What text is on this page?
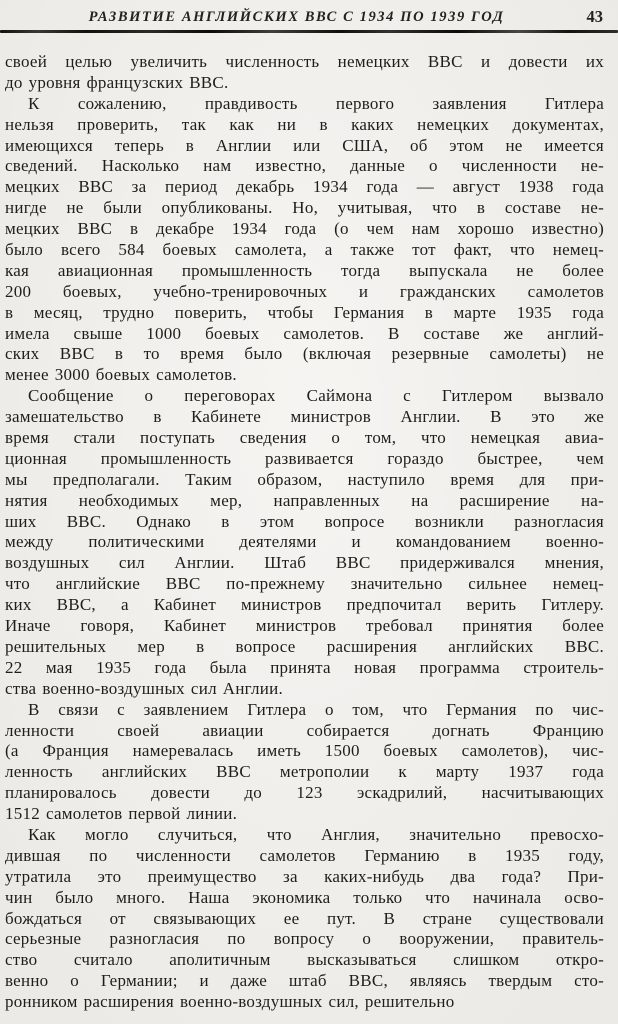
РАЗВИТИЕ АНГЛИЙСКИХ ВВС С 1934 ПО 1939 ГОД	43
своей целью увеличить численность немецких ВВС и довести их
до уровня французских ВВС.
К сожалению, правдивость первого заявления Гитлера
нельзя проверить, так как ни в каких немецких документах,
имеющихся теперь в Англии или США, об этом не имеется
сведений. Насколько нам известно, данные о численности не-
мецких ВВС за период декабрь 1934 года — август 1938 года
нигде не были опубликованы. Но, учитывая, что в составе не-
мецких ВВС в декабре 1934 года (о чем нам хорошо известно)
было всего 584 боевых самолета, а также тот факт, что немец-
кая авиационная промышленность тогда выпускала не более
200 боевых, учебно-тренировочных и гражданских самолетов
в месяц, трудно поверить, чтобы Германия в марте 1935 года
имела свыше 1000 боевых самолетов. В составе же англий-
ских ВВС в то время было (включая резервные самолеты) не
менее 3000 боевых самолетов.
Сообщение о переговорах Саймона с Гитлером вызвало
замешательство в Кабинете министров Англии. В это же
время стали поступать сведения о том, что немецкая авиа-
ционная промышленность развивается гораздо быстрее, чем
мы предполагали. Таким образом, наступило время для при-
нятия необходимых мер, направленных на расширение на-
ших ВВС. Однако в этом вопросе возникли разногласия
между политическими деятелями и командованием военно-
воздушных сил Англии. Штаб ВВС придерживался мнения,
что английские ВВС по-прежнему значительно сильнее немец-
ких ВВС, а Кабинет министров предпочитал верить Гитлеру.
Иначе говоря, Кабинет министров требовал принятия более
решительных мер в вопросе расширения английских ВВС.
22 мая 1935 года была принята новая программа строитель-
ства военно-воздушных сил Англии.
В связи с заявлением Гитлера о том, что Германия по чис-
ленности своей авиации собирается догнать Францию
(а Франция намеревалась иметь 1500 боевых самолетов), чис-
ленность английских ВВС метрополии к марту 1937 года
планировалось довести до 123 эскадрилий, насчитывающих
1512 самолетов первой линии.
Как могло случиться, что Англия, значительно превосхо-
дившая по численности самолетов Германию в 1935 году,
утратила это преимущество за каких-нибудь два года? При-
чин было много. Наша экономика только что начинала осво-
бождаться от связывающих ее пут. В стране существовали
серьезные разногласия по вопросу о вооружении, правитель-
ство считало аполитичным высказываться слишком откро-
венно о Германии; и даже штаб ВВС, являясь твердым сто-
ронником расширения военно-воздушных сил, решительно
